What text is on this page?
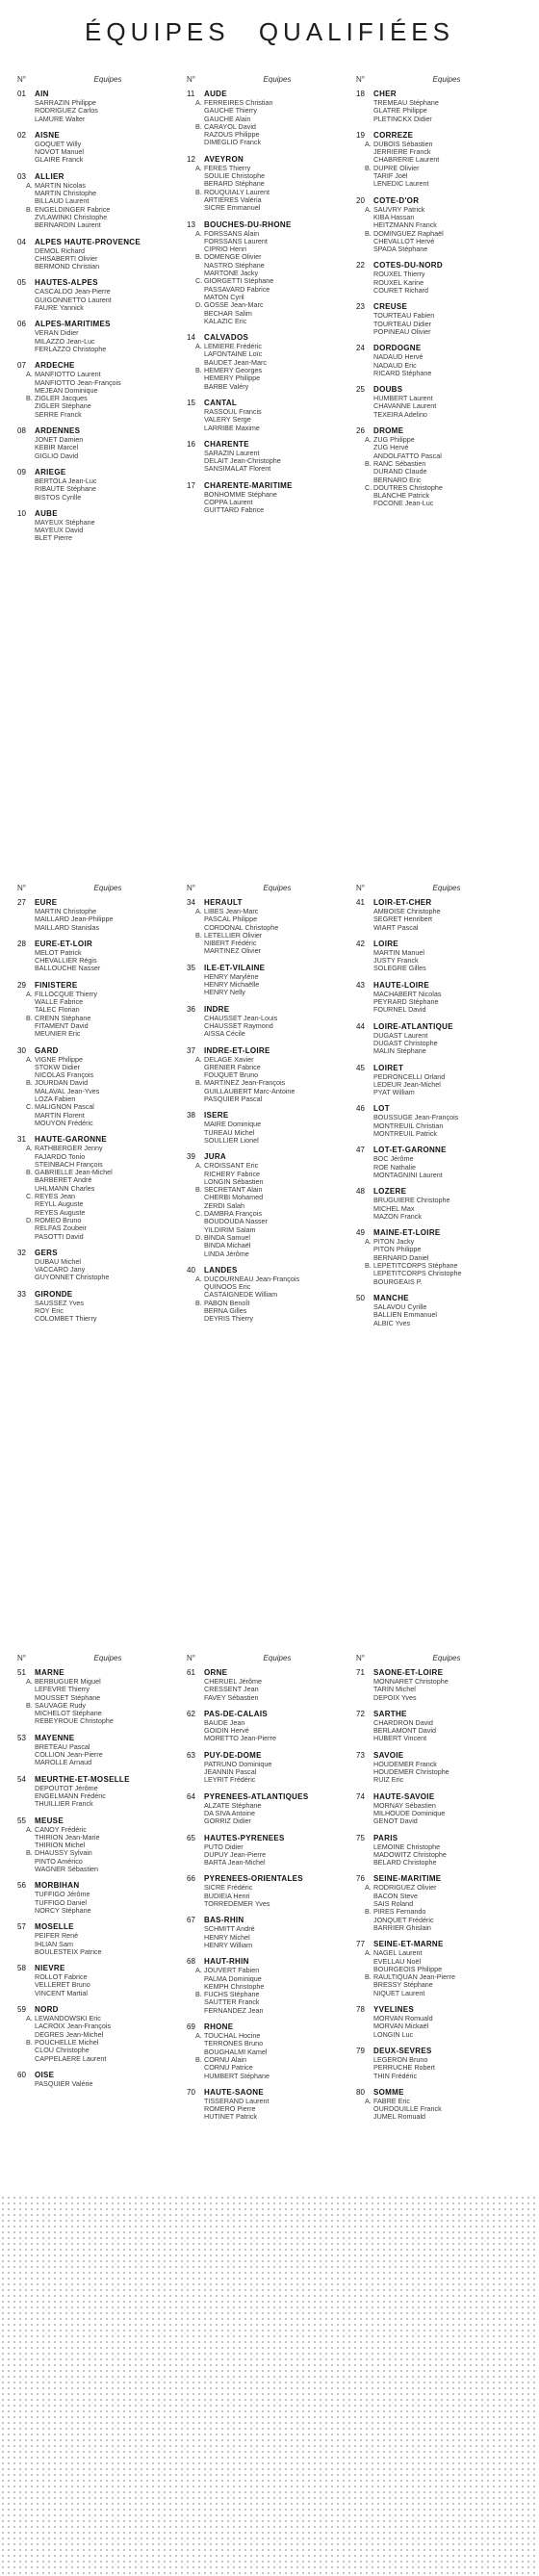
ÉQUIPES QUALIFIÉES
N°	Equipes
01	AIN
SARRAZIN Philippe
RODRIGUEZ Carlos
LAMURE Walter
02	AISNE
GOQUET Willy
NOVOT Manuel
GLAIRE Franck
03	ALLIER
A. MARTIN Nicolas
MARTIN Christophe
BILLAUD Laurent
B. ENGELDINGER Fabrice
ZVLAWINKI Christophe
BERNARDIN Laurent
04	ALPES HAUTE-PROVENCE
DEMOL Richard
CHISABERTI Olivier
BERMOND Christian
05	HAUTES-ALPES
CASCALDO Jean-Pierre
GUIGONNETTO Laurent
FAURE Yannick
06	ALPES-MARITIMES
VERAN Didier
MILAZZO Jean-Luc
FERLAZZO Christophe
07	ARDECHE
A. MANFIOTTO Laurent
MANFIOTTO Jean-François
MEJEAN Dominique
B. ZIGLER Jacques
ZIGLER Stéphane
SERRE Franck
08	ARDENNES
JONET Damien
KEBIR Marcel
GIGLIO David
09	ARIEGE
BERTOLA Jean-Luc
RIBAUTE Stéphane
BISTOS Cyrille
10	AUBE
MAYEUX Stéphane
MAYEUX David
BLET Pierre
N°	Equipes
11	AUDE
A. FERREIRES Christian
GAUCHE Thierry
GAUCHE Alain
B. CARAYOL David
RAZOUS Philippe
DIMEGLIO Franck
12	AVEYRON
A. FERES Thierry
SOULIE Christophe
BERARD Stéphane
B. ROUQUIALY Laurent
ARTIERES Valéria
SICRE Emmanuel
13	BOUCHES-DU-RHONE
A. FORSSANS Alain
FORSSANS Laurent
CIPRIO Henri
B. DOMENGE Olivier
NASTRO Stéphane
MARTONE Jacky
C. GIORGETTI Stéphane
PASSAVARD Fabrice
MATON Cyril
D. GOSSE Jean-Marc
BECHAR Salim
KALAZIC Eric
14	CALVADOS
A. LEMIERE Frédéric
LAFONTAINE Loïc
BAUDET Jean-Marc
B. HEMERY Georges
HEMERY Philippe
BARBE Valéry
15	CANTAL
RASSOUL Francis
VALERY Serge
LARRIBE Maxime
16	CHARENTE
SARAZIN Laurent
DELAIT Jean-Christophe
SANSIMALAT Florent
17	CHARENTE-MARITIME
BONHOMME Stéphane
COPPA Laurent
GUITTARD Fabrice
N°	Equipes
18	CHER
TREMEAU Stéphane
GLATRE Philippe
PLETINCKX Didier
19	CORREZE
A. DUBOIS Sébastien
JERRIERE Franck
CHABRERIE Laurent
B. DUPRE Olivier
TARIF Joël
LENEDIC Laurent
20	COTE-D'OR
A. SAUVRY Patrick
KIBA Hassan
HEITZMANN Franck
B. DOMINGUEZ Raphaël
CHEVALLOT Hervé
SPADA Stéphane
22	COTES-DU-NORD
ROUXEL Thierry
ROUXEL Karine
COURET Richard
23	CREUSE
TOURTEAU Fabien
TOURTEAU Didier
POPINEAU Olivier
24	DORDOGNE
NADAUD Hervé
NADAUD Eric
RICARD Stéphane
25	DOUBS
HUMBERT Laurent
CHAVANNE Laurent
TEXEIRA Adelino
26	DROME
A. ZUG Philippe
ZUG Hervé
ANDOLFATTO Pascal
B. RANC Sébastien
DURAND Claude
BERNARD Eric
C. DOUTRES Christophe
BLANCHE Patrick
FOCONE Jean-Luc
N°	Equipes
27	EURE
MARTIN Christophe
MAILLARD Jean-Philippe
MAILLARD Stanislas
28	EURE-ET-LOIR
MELOT Patrick
CHEVALLIER Régis
BALLOUCHE Nasser
29	FINISTERE
A. FILLOCQUE Thierry
WALLE Fabrice
TALEC Florian
B. CRENN Stéphane
FITAMENT David
MEUNIER Eric
30	GARD
A. VIGNE Philippe
STOKW Didier
NICOLAS François
B. JOURDAN David
MALAVAL Jean-Yves
LOZA Fabien
C. MALIGNON Pascal
MARTIN Florent
MOUYON Frédéric
31	HAUTE-GARONNE
A. RATHBERGER Jenny
FAJARDO Tonio
STEINBACH François
B. GABRIELLE Jean-Michel
BARBERET André
UHLMANN Charles
C. REYES Jean
REYLL Auguste
REYES Auguste
D. ROMEO Bruno
RELFAS Zoubeir
PASOTTI David
32	GERS
DUBAU Michel
VACCARO Jany
GUYONNET Christophe
33	GIRONDE
SAUSSEZ Yves
ROY Eric
COLOMBET Thierry
N°	Equipes
34	HERAULT
A. LIBES Jean-Marc
PASCAL Philippe
CORDONAL Christophe
B. LETELLIER Olivier
NIBERT Frédéric
MARTINEZ Olivier
35	ILE-ET-VILAINE
HENRY Marylène
HENRY Michaëlle
HENRY Nelly
36	INDRE
CHAUSSET Jean-Louis
CHAUSSET Raymond
AISSA Cécile
37	INDRE-ET-LOIRE
A. DELAGE Xavier
GRENIER Fabrice
FOUQUET Bruno
B. MARTINEZ Jean-François
GUILLAUBERT Marc-Antoine
PASQUIER Pascal
38	ISERE
MAIRE Dominique
TUREAU Michel
SOULLIER Lionel
39	JURA
A. CROISSANT Eric
RICHERY Fabrice
LONGIN Sébastien
B. SECRETANT Alain
CHERBI Mohamed
ZERDI Salah
C. DAMBRA François
BOUDOUDA Nasser
YILDIRIM Salam
D. BINDA Samuel
BINDA Michaël
LINDA Jérôme
40	LANDES
A. DUCOURNEAU Jean-François
QUINOOS Eric
CASTAIGNEDE William
B. PABON Benoît
BERNA Gilles
DEYRIS Thierry
N°	Equipes
41	LOIR-ET-CHER
AMBOISE Christophe
SEGRET Henribert
WIART Pascal
42	LOIRE
MARTIN Manuel
JUSTY Franck
SOLEGRE Gilles
43	HAUTE-LOIRE
MACHABERT Nicolas
PEYRARD Stéphane
FOURNEL David
44	LOIRE-ATLANTIQUE
DUGAST Laurent
DUGAST Christophe
MALIN Stéphane
45	LOIRET
PEDRONCELLI Orland
LEDEUR Jean-Michel
PYAT William
46	LOT
BOUSSUGE Jean-François
MONTREUIL Christian
MONTREUIL Patrick
47	LOT-ET-GARONNE
BOC Jérôme
ROE Nathalie
MONTAGNINI Laurent
48	LOZERE
BRUGUIERE Christophe
MICHEL Max
MAZON Franck
49	MAINE-ET-LOIRE
A. PITON Jacky
PITON Philippe
BERNARD Daniel
B. LEPETITCORPS Stéphane
LEPETITCORPS Christophe
BOURGEAIS P.
50	MANCHE
SALAVOU Cyrille
BALLIEN Emmanuel
ALBIC Yves
N°	Equipes
51	MARNE
A. BERBUGUER Miguel
LEFEVRE Thierry
MOUSSET Stéphane
B. SAUVAGE Rudy
MICHELOT Stéphane
REBEYROUE Christophe
53	MAYENNE
BRETEAU Pascal
COLLION Jean-Pierre
MAROLLE Arnaud
54	MEURTHE-ET-MOSELLE
DEPOUTOT Jérôme
ENGELMANN Frédéric
THUILLIER Franck
55	MEUSE
A. CANOY Frédéric
THIRION Jean-Marie
THIRION Michel
B. DHAUSSY Sylvain
PINTO Américo
WAGNER Sébastien
56	MORBIHAN
TUFFIGO Jérôme
TUFFIGO Daniel
NORCY Stéphane
57	MOSELLE
PEIFER René
IHLIAN Sam
BOULESTEIX Patrice
58	NIEVRE
ROLLOT Fabrice
VELLERET Bruno
VINCENT Martial
59	NORD
A. LEWANDOWSKI Eric
LACROIX Jean-François
DEGRES Jean-Michel
B. POUCHELLE Michel
CLOU Christophe
CAPPELAERE Laurent
60	OISE
PASQUIER Valérie
N°	Equipes
61	ORNE
CHERUEL Jérôme
CRESSENT Jean
FAVEY Sébastien
62	PAS-DE-CALAIS
BAUDE Jean
GOIDIN Hervé
MORETTO Jean-Pierre
63	PUY-DE-DOME
PATRUNO Dominique
JEANNIN Pascal
LEYRIT Frédéric
64	PYRENEES-ATLANTIQUES
ALZATE Stéphane
DA SIVA Antoine
GORRIZ Didier
65	HAUTES-PYRENEES
PUTO Didier
DUPUY Jean-Pierre
BARTA Jean-Michel
66	PYRENEES-ORIENTALES
SICRE Frédéric
BUDIEIA Henri
TORREDEMER Yves
67	BAS-RHIN
SCHMITT André
HENRY Michel
HENRY William
68	HAUT-RHIN
A. JOUVERT Fabien
PALMA Dominique
KEMPH Christophe
B. FUCHS Stéphane
SAUTTER Franck
FERNANDEZ Jean
69	RHONE
A. TOUCHAL Hocine
TERRONES Bruno
BOUGHALMI Kamel
B. CORNU Alain
CORNU Patrice
HUMBERT Stéphane
70	HAUTE-SAONE
TISSERAND Laurent
ROMERO Pierre
HUTINET Patrick
N°	Equipes
71	SAONE-ET-LOIRE
MONNARET Christophe
TARIN Michel
DEPOIX Yves
72	SARTHE
CHARDRON David
BERLAMONT David
HUBERT Vincent
73	SAVOIE
HOUDEMER Franck
HOUDEMER Christophe
RUIZ Eric
74	HAUTE-SAVOIE
MORNAY Sébastien
MILHOUDE Dominique
GENOT David
75	PARIS
LEMOINE Christophe
MADOWITZ Christophe
BELARD Christophe
76	SEINE-MARITIME
A. RODRIGUEZ Olivier
BACON Steve
SAIS Roland
B. PIRES Fernando
JONQUET Frédéric
BARRIER Ghislain
77	SEINE-ET-MARNE
A. NAGEL Laurent
EVELLAU Noël
BOURGEOIS Philippe
B. RAULTIQUAN Jean-Pierre
BRESSY Stéphane
NIQUET Laurent
78	YVELINES
MORVAN Romuald
MORVAN Mickaël
LONGIN Luc
79	DEUX-SEVRES
LEGERON Bruno
PERRUCHE Robert
THIN Frédéric
80	SOMME
A. FABRE Eric
OURDOUILLE Franck
JUMEL Romuald
